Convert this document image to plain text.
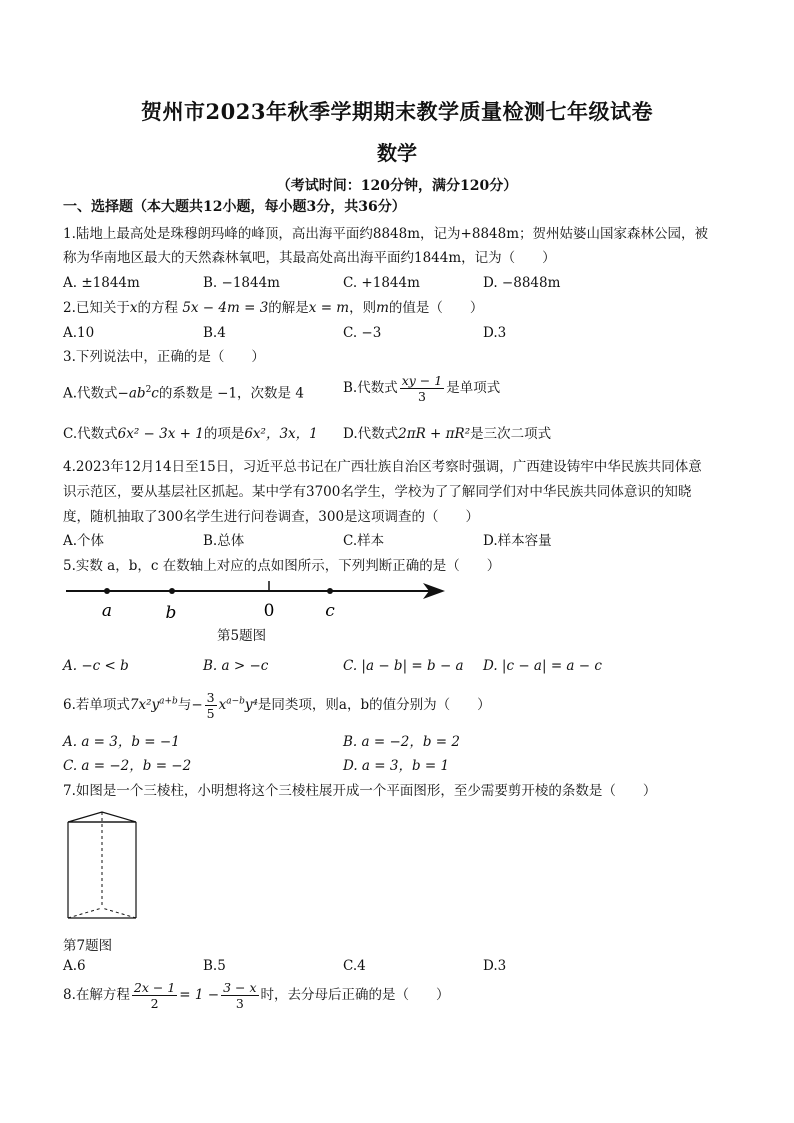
贺州市2023年秋季学期期末教学质量检测七年级试卷
数学
（考试时间：120分钟，满分120分）
一、选择题（本大题共12小题，每小题3分，共36分）
1.陆地上最高处是珠穆朗玛峰的峰顶，高出海平面约8848m，记为+8848m；贺州姑婆山国家森林公园，被
称为华南地区最大的天然森林氧吧，其最高处高出海平面约1844m，记为（　　）
A. ±1844m	B. −1844m	C. +1844m	D. −8848m
2.已知关于x的方程 5x − 4m = 3的解是x = m，则m的值是（　　）
A.10	B.4	C. −3	D.3
3.下列说法中，正确的是（　　）
A.代数式$-ab^2c$的系数是 −1，次数是 4	B.代数式 $\frac{xy - 1}{3}$ 是单项式
C.代数式6x² − 3x + 1的项是6x²，3x，1 D.代数式2πR + πR²是三次二项式
4.2023年12月14日至15日，习近平总书记在广西壮族自治区考察时强调，广西建设铸牢中华民族共同体意
识示范区，要从基层社区抓起。某中学有3700名学生，学校为了了解同学们对中华民族共同体意识的知晓
度，随机抽取了300名学生进行问卷调查，300是这项调查的（　　）
A.个体	B.总体	C.样本	D.样本容量
5.实数 a，b，c 在数轴上对应的点如图所示，下列判断正确的是（　　）
a	b	0	c
第5题图
A. −c < b	B. a > −c	C. |a − b| = b − a D. |c − a| = a − c
6.若单项式$7x^2y^{a+b}$与− $\frac{3}{5} x^{a-b}y^4$是同类项，则a，b的值分别为（　　）
A. a = 3，b = −1	B. a = −2，b = 2
C. a = −2，b = −2	D. a = 3，b = 1
7.如图是一个三棱柱，小明想将这个三棱柱展开成一个平面图形，至少需要剪开棱的条数是（　　）
第7题图
A.6	B.5	C.4	D.3
8.在解方程 $\frac{2x - 1}{2} = 1 - \frac{3 - x}{3}$ 时，去分母后正确的是（　　）
